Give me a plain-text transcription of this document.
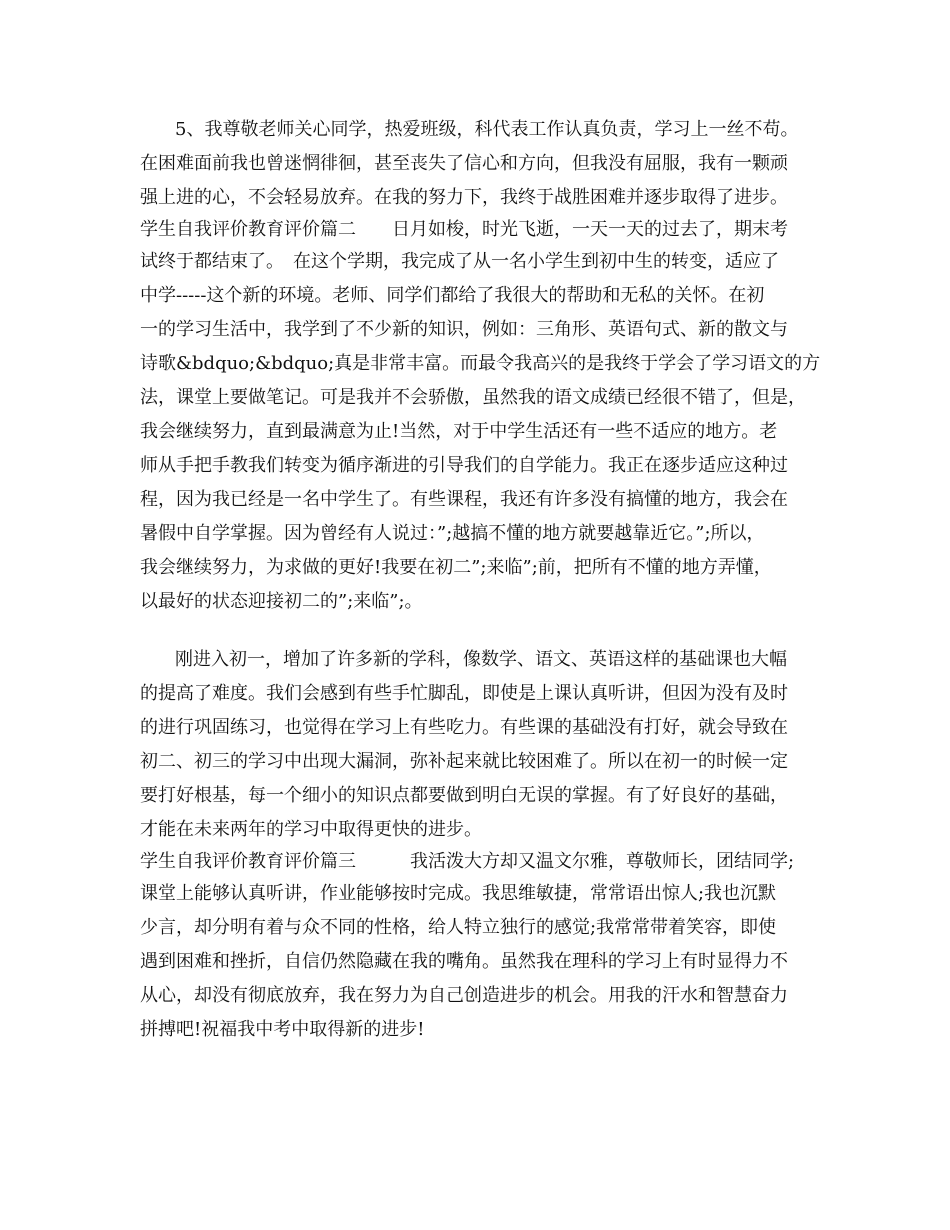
5、我尊敬老师关心同学，热爱班级，科代表工作认真负责，学习上一丝不苟。
在困难面前我也曾迷惘徘徊，甚至丧失了信心和方向，但我没有屈服，我有一颗顽
强上进的心，不会轻易放弃。在我的努力下，我终于战胜困难并逐步取得了进步。
学生自我评价教育评价篇二　　日月如梭，时光飞逝，一天一天的过去了，期末考
试终于都结束了。　在这个学期，我完成了从一名小学生到初中生的转变，适应了
中学-----这个新的环境。老师、同学们都给了我很大的帮助和无私的关怀。在初
一的学习生活中，我学到了不少新的知识，例如：三角形、英语句式、新的散文与
诗歌&bdquo;&bdquo;真是非常丰富。而最令我高兴的是我终于学会了学习语文的方
法，课堂上要做笔记。可是我并不会骄傲，虽然我的语文成绩已经很不错了，但是，
我会继续努力，直到最满意为止!当然，对于中学生活还有一些不适应的地方。老
师从手把手教我们转变为循序渐进的引导我们的自学能力。我正在逐步适应这种过
程，因为我已经是一名中学生了。有些课程，我还有许多没有搞懂的地方，我会在
暑假中自学掌握。因为曾经有人说过：”;越搞不懂的地方就要越靠近它。”;所以，
我会继续努力，为求做的更好!我要在初二”;来临”;前，把所有不懂的地方弄懂，
以最好的状态迎接初二的”;来临”;。
刚进入初一，增加了许多新的学科，像数学、语文、英语这样的基础课也大幅
的提高了难度。我们会感到有些手忙脚乱，即使是上课认真听讲，但因为没有及时
的进行巩固练习，也觉得在学习上有些吃力。有些课的基础没有打好，就会导致在
初二、初三的学习中出现大漏洞，弥补起来就比较困难了。所以在初一的时候一定
要打好根基，每一个细小的知识点都要做到明白无误的掌握。有了好良好的基础，
才能在未来两年的学习中取得更快的进步。
学生自我评价教育评价篇三　　　我活泼大方却又温文尔雅，尊敬师长，团结同学;
课堂上能够认真听讲，作业能够按时完成。我思维敏捷，常常语出惊人;我也沉默
少言，却分明有着与众不同的性格，给人特立独行的感觉;我常常带着笑容，即使
遇到困难和挫折，自信仍然隐藏在我的嘴角。虽然我在理科的学习上有时显得力不
从心，却没有彻底放弃，我在努力为自己创造进步的机会。用我的汗水和智慧奋力
拼搏吧!祝福我中考中取得新的进步!
